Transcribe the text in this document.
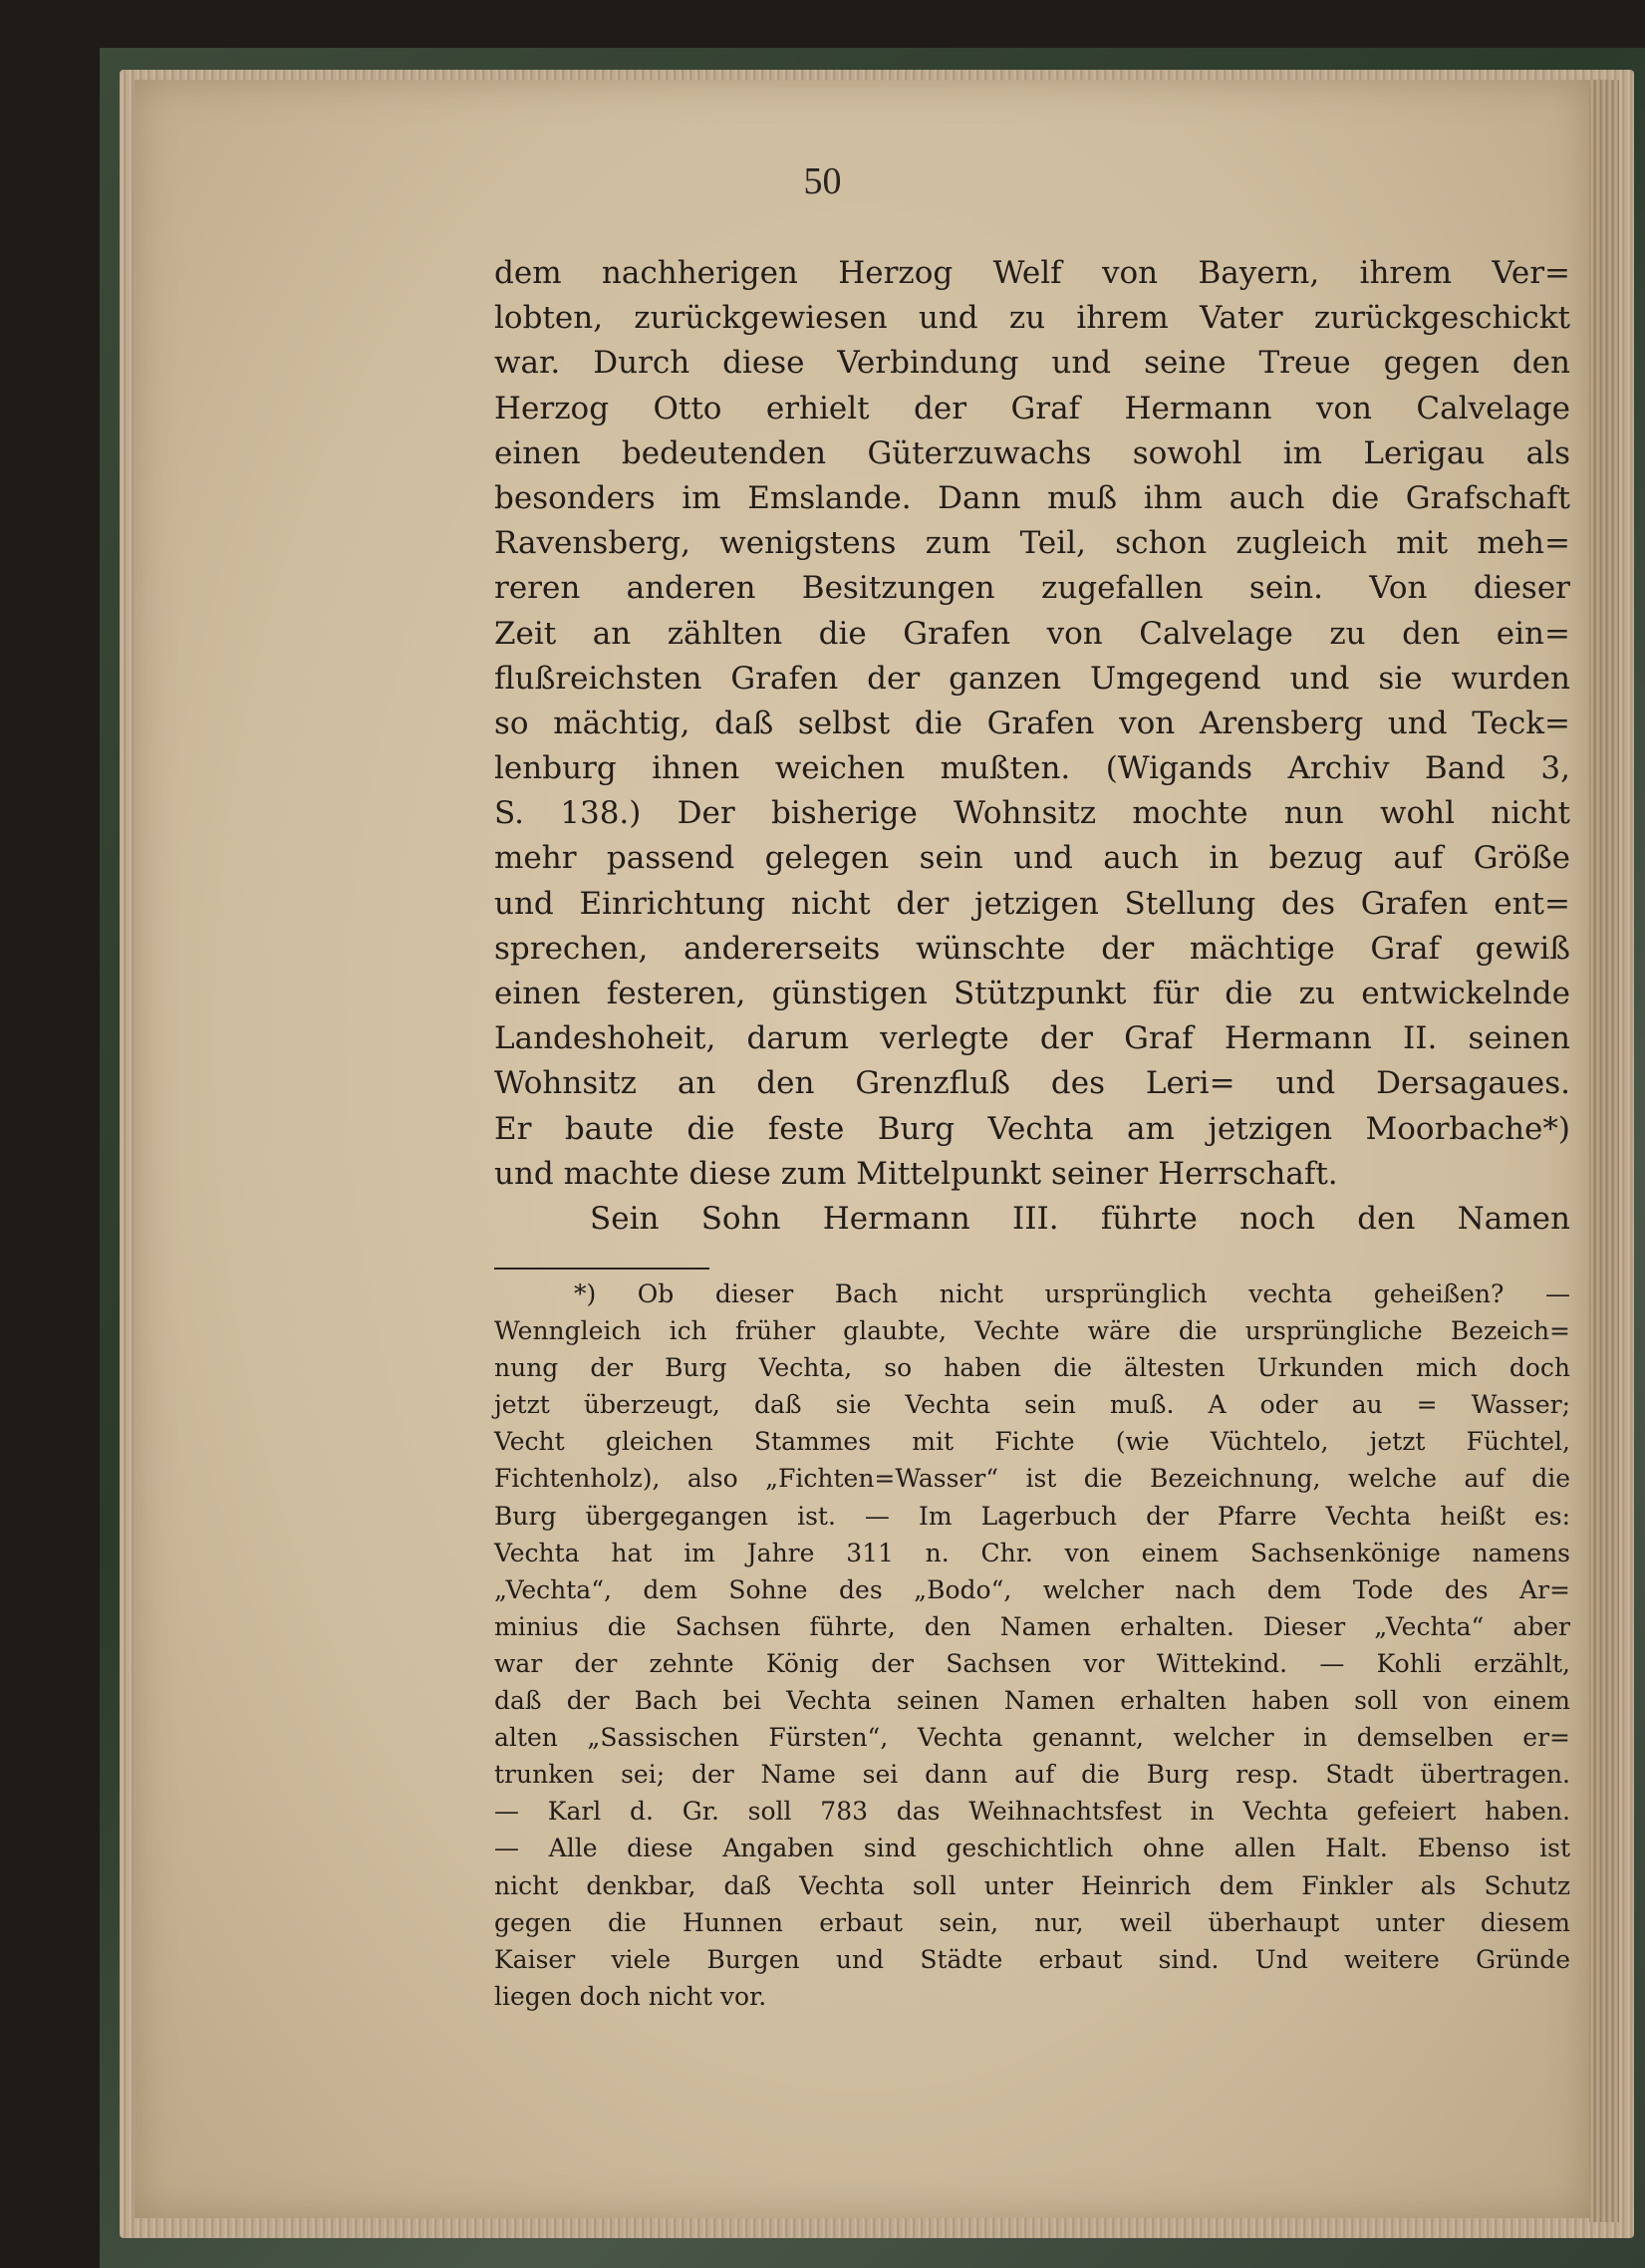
50
dem nachherigen Herzog Welf von Bayern, ihrem Ver=
lobten, zurückgewiesen und zu ihrem Vater zurückgeschickt
war. Durch diese Verbindung und seine Treue gegen den
Herzog Otto erhielt der Graf Hermann von Calvelage
einen bedeutenden Güterzuwachs sowohl im Lerigau als
besonders im Emslande. Dann muß ihm auch die Grafschaft
Ravensberg, wenigstens zum Teil, schon zugleich mit meh=
reren anderen Besitzungen zugefallen sein. Von dieser
Zeit an zählten die Grafen von Calvelage zu den ein=
flußreichsten Grafen der ganzen Umgegend und sie wurden
so mächtig, daß selbst die Grafen von Arensberg und Teck=
lenburg ihnen weichen mußten. (Wigands Archiv Band 3,
S. 138.) Der bisherige Wohnsitz mochte nun wohl nicht
mehr passend gelegen sein und auch in bezug auf Größe
und Einrichtung nicht der jetzigen Stellung des Grafen ent=
sprechen, andererseits wünschte der mächtige Graf gewiß
einen festeren, günstigen Stützpunkt für die zu entwickelnde
Landeshoheit, darum verlegte der Graf Hermann II. seinen
Wohnsitz an den Grenzfluß des Leri= und Dersagaues.
Er baute die feste Burg Vechta am jetzigen Moorbache*)
und machte diese zum Mittelpunkt seiner Herrschaft.
Sein Sohn Hermann III. führte noch den Namen
*) Ob dieser Bach nicht ursprünglich vechta geheißen? —
Wenngleich ich früher glaubte, Vechte wäre die ursprüngliche Bezeich=
nung der Burg Vechta, so haben die ältesten Urkunden mich doch
jetzt überzeugt, daß sie Vechta sein muß. A oder au = Wasser;
Vecht gleichen Stammes mit Fichte (wie Vüchtelo, jetzt Füchtel,
Fichtenholz), also „Fichten=Wasser“ ist die Bezeichnung, welche auf die
Burg übergegangen ist. — Im Lagerbuch der Pfarre Vechta heißt es:
Vechta hat im Jahre 311 n. Chr. von einem Sachsenkönige namens
„Vechta“, dem Sohne des „Bodo“, welcher nach dem Tode des Ar=
minius die Sachsen führte, den Namen erhalten. Dieser „Vechta“ aber
war der zehnte König der Sachsen vor Wittekind. — Kohli erzählt,
daß der Bach bei Vechta seinen Namen erhalten haben soll von einem
alten „Sassischen Fürsten“, Vechta genannt, welcher in demselben er=
trunken sei; der Name sei dann auf die Burg resp. Stadt übertragen.
— Karl d. Gr. soll 783 das Weihnachtsfest in Vechta gefeiert haben.
— Alle diese Angaben sind geschichtlich ohne allen Halt. Ebenso ist
nicht denkbar, daß Vechta soll unter Heinrich dem Finkler als Schutz
gegen die Hunnen erbaut sein, nur, weil überhaupt unter diesem
Kaiser viele Burgen und Städte erbaut sind. Und weitere Gründe
liegen doch nicht vor.
